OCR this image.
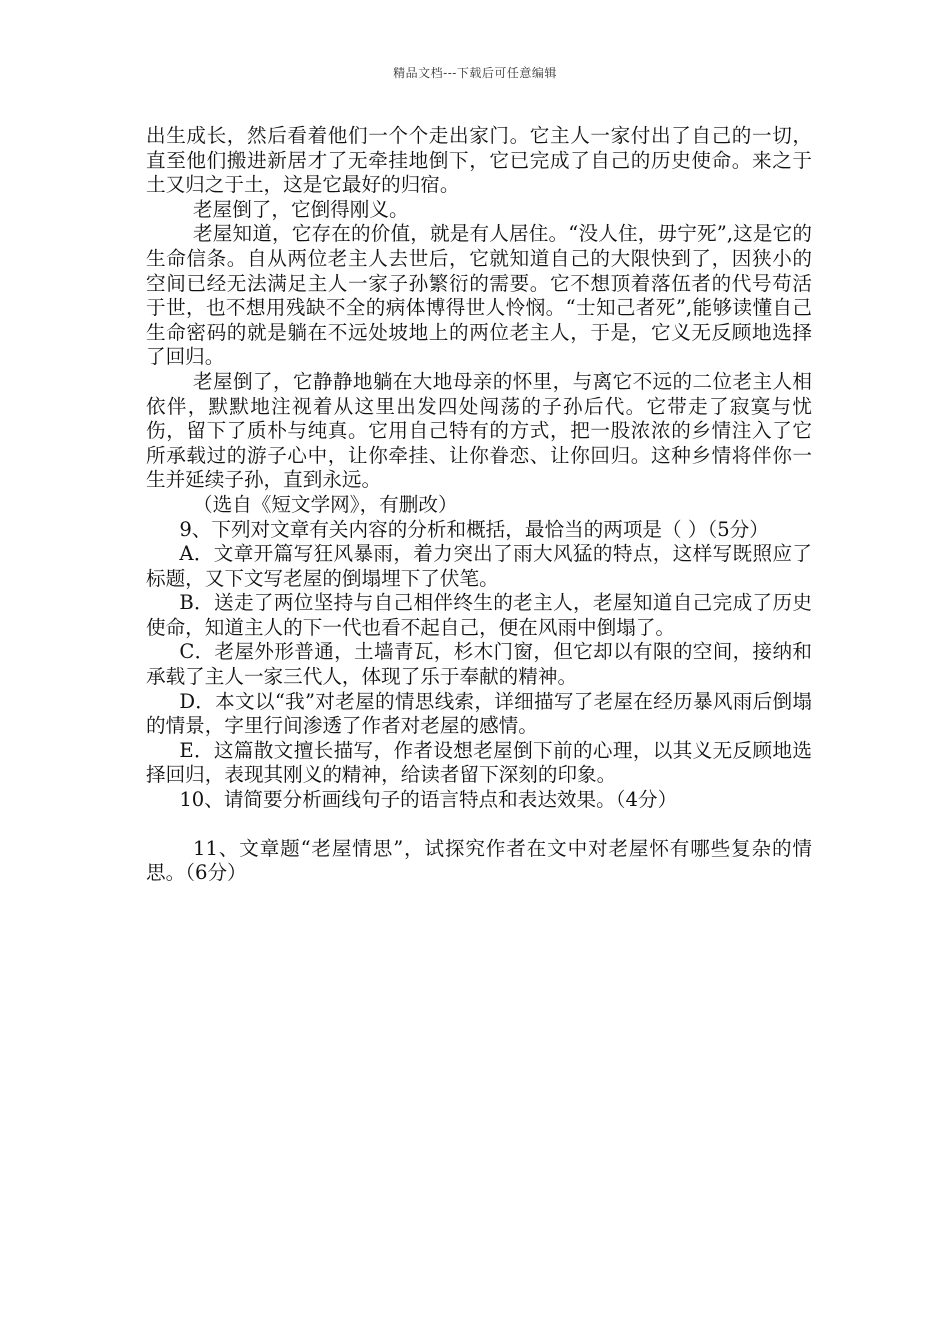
精品文档---下载后可任意编辑

出生成长，然后看着他们一个个走出家门。它主人一家付出了自己的一切，直至他们搬进新居才了无牵挂地倒下，它已完成了自己的历史使命。来之于土又归之于土，这是它最好的归宿。

老屋倒了，它倒得刚义。

老屋知道，它存在的价值，就是有人居住。“没人住，毋宁死”,这是它的生命信条。自从两位老主人去世后，它就知道自己的大限快到了，因狭小的空间已经无法满足主人一家子孙繁衍的需要。它不想顶着落伍者的代号苟活于世，也不想用残缺不全的病体博得世人怜悯。“士知己者死”,能够读懂自己生命密码的就是躺在不远处坡地上的两位老主人，于是，它义无反顾地选择了回归。

老屋倒了，它静静地躺在大地母亲的怀里，与离它不远的二位老主人相依伴，默默地注视着从这里出发四处闯荡的子孙后代。它带走了寂寞与忧伤，留下了质朴与纯真。它用自己特有的方式，把一股浓浓的乡情注入了它所承载过的游子心中，让你牵挂、让你眷恋、让你回归。这种乡情将伴你一生并延续子孙，直到永远。

（选自《短文学网》，有删改）

9、下列对文章有关内容的分析和概括，最恰当的两项是（ ）（5分）

A．文章开篇写狂风暴雨，着力突出了雨大风猛的特点，这样写既照应了标题，又下文写老屋的倒塌埋下了伏笔。

B．送走了两位坚持与自己相伴终生的老主人，老屋知道自己完成了历史使命，知道主人的下一代也看不起自己，便在风雨中倒塌了。

C．老屋外形普通，土墙青瓦，杉木门窗，但它却以有限的空间，接纳和承载了主人一家三代人，体现了乐于奉献的精神。

D．本文以“我”对老屋的情思线索，详细描写了老屋在经历暴风雨后倒塌的情景，字里行间渗透了作者对老屋的感情。

E．这篇散文擅长描写，作者设想老屋倒下前的心理，以其义无反顾地选择回归，表现其刚义的精神，给读者留下深刻的印象。

10、请简要分析画线句子的语言特点和表达效果。（4分）

11、文章题“老屋情思”，试探究作者在文中对老屋怀有哪些复杂的情思。（6分）
